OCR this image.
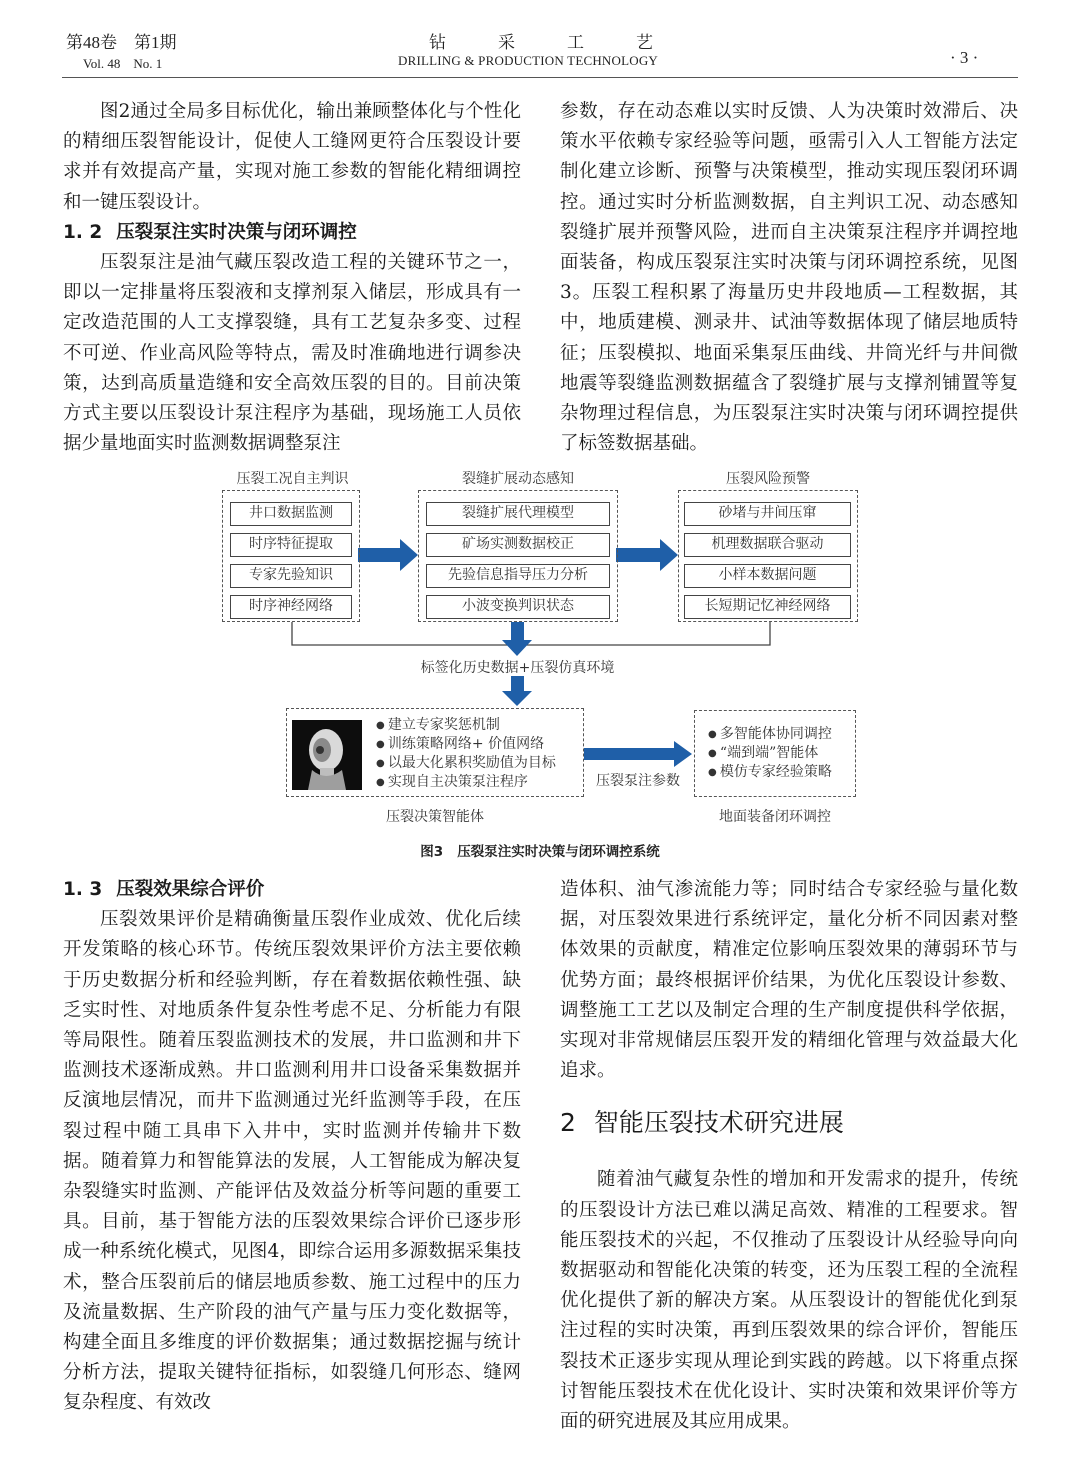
第48卷　第1期
Vol. 48　No. 1
钻采工艺
DRILLING & PRODUCTION TECHNOLOGY	· 3 ·

图2通过全局多目标优化，输出兼顾整体化与个性化的精细压裂智能设计，促使人工缝网更符合压裂设计要求并有效提高产量，实现对施工参数的智能化精细调控和一键压裂设计。

1. 2 压裂泵注实时决策与闭环调控

压裂泵注是油气藏压裂改造工程的关键环节之一，即以一定排量将压裂液和支撑剂泵入储层，形成具有一定改造范围的人工支撑裂缝，具有工艺复杂多变、过程不可逆、作业高风险等特点，需及时准确地进行调参决策，达到高质量造缝和安全高效压裂的目的。目前决策方式主要以压裂设计泵注程序为基础，现场施工人员依据少量地面实时监测数据调整泵注

参数，存在动态难以实时反馈、人为决策时效滞后、决策水平依赖专家经验等问题，亟需引入人工智能方法定制化建立诊断、预警与决策模型，推动实现压裂闭环调控。通过实时分析监测数据，自主判识工况、动态感知裂缝扩展并预警风险，进而自主决策泵注程序并调控地面装备，构成压裂泵注实时决策与闭环调控系统，见图3。压裂工程积累了海量历史井段地质—工程数据，其中，地质建模、测录井、试油等数据体现了储层地质特征；压裂模拟、地面采集泵压曲线、井筒光纤与井间微地震等裂缝监测数据蕴含了裂缝扩展与支撑剂铺置等复杂物理过程信息，为压裂泵注实时决策与闭环调控提供了标签数据基础。

压裂工况自主判识
井口数据监测
时序特征提取
专家先验知识
时序神经网络
裂缝扩展动态感知
裂缝扩展代理模型
矿场实测数据校正
先验信息指导压力分析
小波变换判识状态
压裂风险预警
砂堵与井间压窜
机理数据联合驱动
小样本数据问题
长短期记忆神经网络
标签化历史数据+压裂仿真环境
● 建立专家奖惩机制
● 训练策略网络+ 价值网络
● 以最大化累积奖励值为目标
● 实现自主决策泵注程序
压裂决策智能体
压裂泵注参数
● 多智能体协同调控
● “端到端”智能体
● 模仿专家经验策略
地面装备闭环调控
图3 压裂泵注实时决策与闭环调控系统

1. 3 压裂效果综合评价

压裂效果评价是精确衡量压裂作业成效、优化后续开发策略的核心环节。传统压裂效果评价方法主要依赖于历史数据分析和经验判断，存在着数据依赖性强、缺乏实时性、对地质条件复杂性考虑不足、分析能力有限等局限性。随着压裂监测技术的发展，井口监测和井下监测技术逐渐成熟。井口监测利用井口设备采集数据并反演地层情况，而井下监测通过光纤监测等手段，在压裂过程中随工具串下入井中，实时监测并传输井下数据。随着算力和智能算法的发展，人工智能成为解决复杂裂缝实时监测、产能评估及效益分析等问题的重要工具。目前，基于智能方法的压裂效果综合评价已逐步形成一种系统化模式，见图4，即综合运用多源数据采集技术，整合压裂前后的储层地质参数、施工过程中的压力及流量数据、生产阶段的油气产量与压力变化数据等，构建全面且多维度的评价数据集；通过数据挖掘与统计分析方法，提取关键特征指标，如裂缝几何形态、缝网复杂程度、有效改

造体积、油气渗流能力等；同时结合专家经验与量化数据，对压裂效果进行系统评定，量化分析不同因素对整体效果的贡献度，精准定位影响压裂效果的薄弱环节与优势方面；最终根据评价结果，为优化压裂设计参数、调整施工工艺以及制定合理的生产制度提供科学依据，实现对非常规储层压裂开发的精细化管理与效益最大化追求。

2 智能压裂技术研究进展

随着油气藏复杂性的增加和开发需求的提升，传统的压裂设计方法已难以满足高效、精准的工程要求。智能压裂技术的兴起，不仅推动了压裂设计从经验导向向数据驱动和智能化决策的转变，还为压裂工程的全流程优化提供了新的解决方案。从压裂设计的智能优化到泵注过程的实时决策，再到压裂效果的综合评价，智能压裂技术正逐步实现从理论到实践的跨越。以下将重点探讨智能压裂技术在优化设计、实时决策和效果评价等方面的研究进展及其应用成果。
